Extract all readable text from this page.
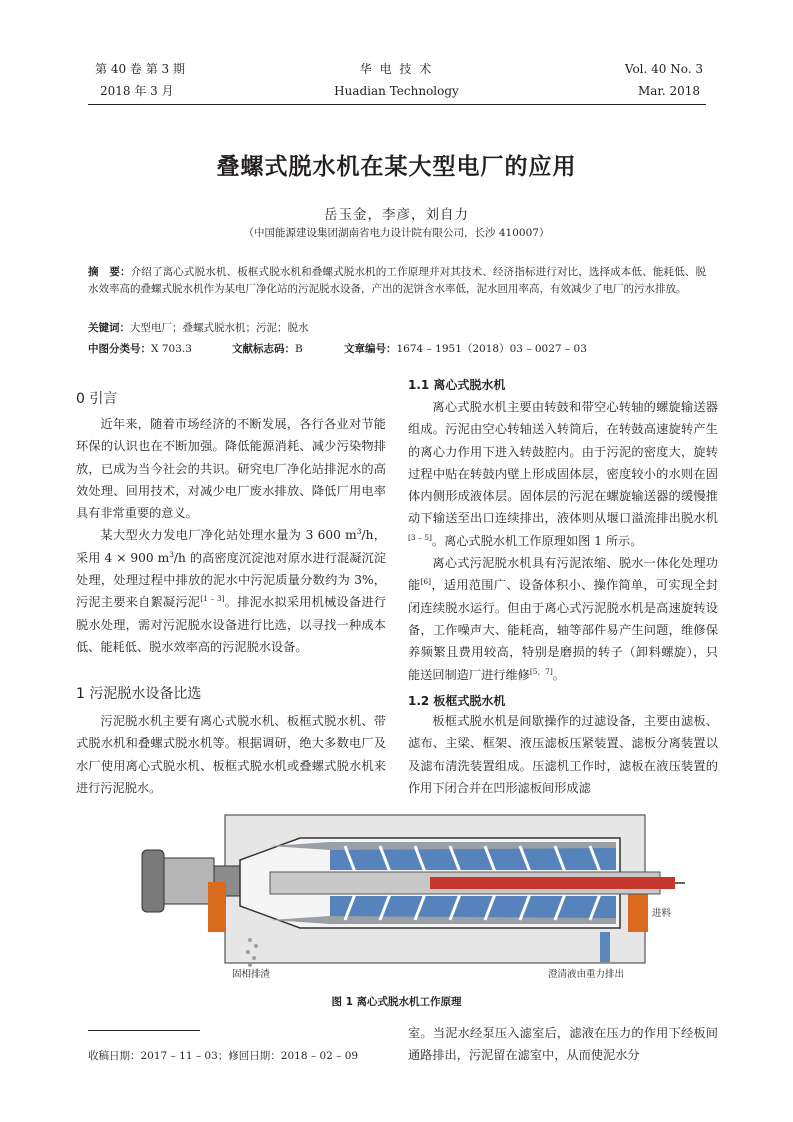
第 40 卷 第 3 期
2018 年 3 月
华 电 技 术
Huadian Technology
Vol. 40 No. 3
Mar. 2018
叠螺式脱水机在某大型电厂的应用
岳玉金，李彦，刘自力
（中国能源建设集团湖南省电力设计院有限公司，长沙 410007）
摘　要：介绍了离心式脱水机、板框式脱水机和叠螺式脱水机的工作原理并对其技术、经济指标进行对比，选择成本低、能耗低、脱水效率高的叠螺式脱水机作为某电厂净化站的污泥脱水设备，产出的泥饼含水率低，泥水回用率高，有效减少了电厂的污水排放。
关键词：大型电厂；叠螺式脱水机；污泥；脱水
中图分类号：X 703.3	文献标志码：B	文章编号：1674 – 1951（2018）03 – 0027 – 03
0 引言

近年来，随着市场经济的不断发展，各行各业对节能环保的认识也在不断加强。降低能源消耗、减少污染物排放，已成为当今社会的共识。研究电厂净化站排泥水的高效处理、回用技术，对减少电厂废水排放、降低厂用电率具有非常重要的意义。

某大型火力发电厂净化站处理水量为 3 600 $m^3/h$，采用 4 × 900 $m^3/h$ 的高密度沉淀池对原水进行混凝沉淀处理，处理过程中排放的泥水中污泥质量分数约为 3%，污泥主要来自絮凝污泥[1 – 3]。排泥水拟采用机械设备进行脱水处理，需对污泥脱水设备进行比选，以寻找一种成本低、能耗低、脱水效率高的污泥脱水设备。

1 污泥脱水设备比选

污泥脱水机主要有离心式脱水机、板框式脱水机、带式脱水机和叠螺式脱水机等。根据调研，绝大多数电厂及水厂使用离心式脱水机、板框式脱水机或叠螺式脱水机来进行污泥脱水。

1.1 离心式脱水机

离心式脱水机主要由转鼓和带空心转轴的螺旋输送器组成。污泥由空心转轴送入转筒后，在转鼓高速旋转产生的离心力作用下进入转鼓腔内。由于污泥的密度大，旋转过程中贴在转鼓内壁上形成固体层，密度较小的水则在固体内侧形成液体层。固体层的污泥在螺旋输送器的缓慢推动下输送至出口连续排出，液体则从堰口溢流排出脱水机[3 – 5]。离心式脱水机工作原理如图 1 所示。

离心式污泥脱水机具有污泥浓缩、脱水一体化处理功能[6]，适用范围广、设备体积小、操作简单，可实现全封闭连续脱水运行。但由于离心式污泥脱水机是高速旋转设备，工作噪声大、能耗高，轴等部件易产生问题，维修保养频繁且费用较高，特别是磨损的转子（卸料螺旋），只能送回制造厂进行维修[5，7]。

1.2 板框式脱水机

板框式脱水机是间歇操作的过滤设备，主要由滤板、滤布、主梁、框架、液压滤板压紧装置、滤板分离装置以及滤布清洗装置组成。压滤机工作时，滤板在液压装置的作用下闭合并在凹形滤板间形成滤

固相排渣	澄清液由重力排出
进料
图 1 离心式脱水机工作原理
收稿日期：2017 – 11 – 03；修回日期：2018 – 02 – 09

室。当泥水经泵压入滤室后，滤液在压力的作用下经板间通路排出，污泥留在滤室中，从而使泥水分
